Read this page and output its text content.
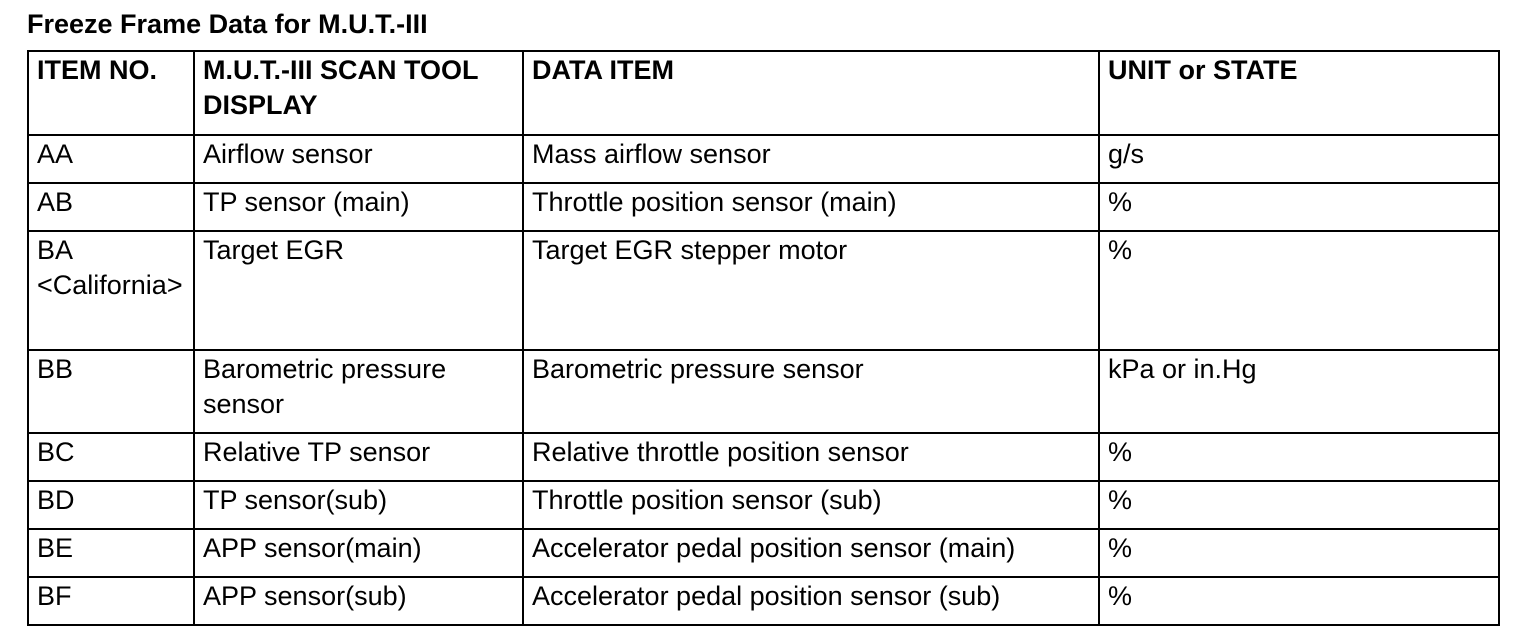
Freeze Frame Data for M.U.T.-III
ITEM NO.	M.U.T.-III SCAN TOOL DISPLAY	DATA ITEM	UNIT or STATE
AA	Airflow sensor	Mass airflow sensor	g/s
AB	TP sensor (main)	Throttle position sensor (main)	%
BA <California>	Target EGR	Target EGR stepper motor	%
BB	Barometric pressure sensor	Barometric pressure sensor	kPa or in.Hg
BC	Relative TP sensor	Relative throttle position sensor	%
BD	TP sensor(sub)	Throttle position sensor (sub)	%
BE	APP sensor(main)	Accelerator pedal position sensor (main)	%
BF	APP sensor(sub)	Accelerator pedal position sensor (sub)	%
